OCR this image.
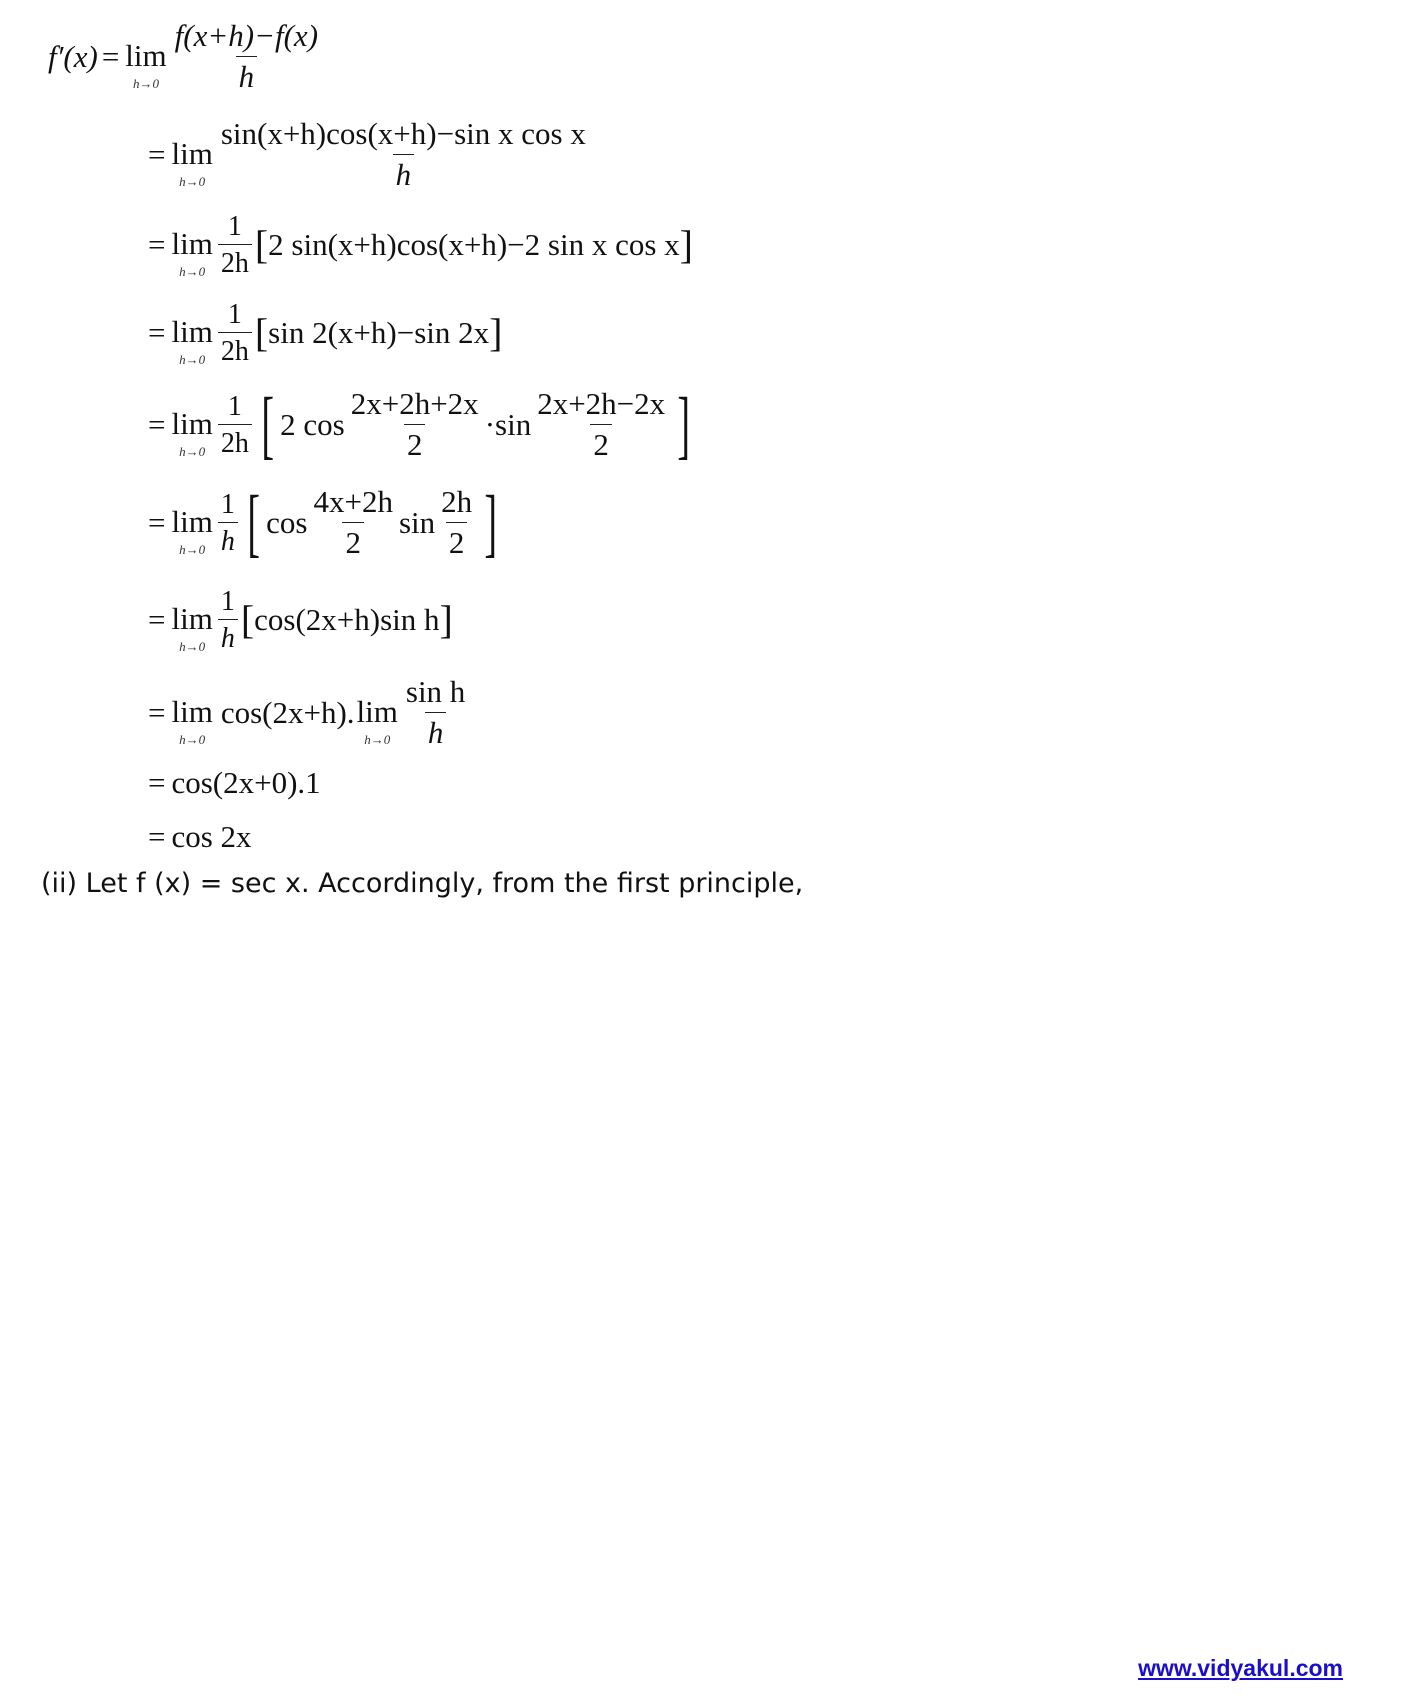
f′(x) = lim
$h\to 0 \frac{f(x+h)-f(x)}{h}$
= lim
$h\to 0 \frac{\text{sin(x+h)cos(x+h)−sin x cos x}}{h}$
= lim
$h\to 0 \frac{1}{2h}$ [ 2 sin(x+h)cos(x+h)−2 sin x cos x ]
= lim
$h\to 0 \frac{1}{2h}$ [ sin 2(x+h)−sin 2x ]
= lim
$h\to 0 \frac{1}{2h}$ [ 2 $\cos \frac{2x+2h+2x}{2} \cdot\sin \frac{2x+2h-2x}{2}$ ]
= lim
$h\to 0 \frac{1}{h}$ [ $\cos \frac{4x+2h}{2}$ $\sin \frac{2h}{2}$ ]
= lim
$h\to 0 \frac{1}{h}$ [ cos(2x+h)sin h ]
= lim
h→0
cos(2x+h). lim
$h\to 0 \frac{\text{sin h}}{h}$
= cos(2x+0).1
= cos 2x
(ii) Let f (x) = sec x. Accordingly, from the first principle,
www.vidyakul.com
